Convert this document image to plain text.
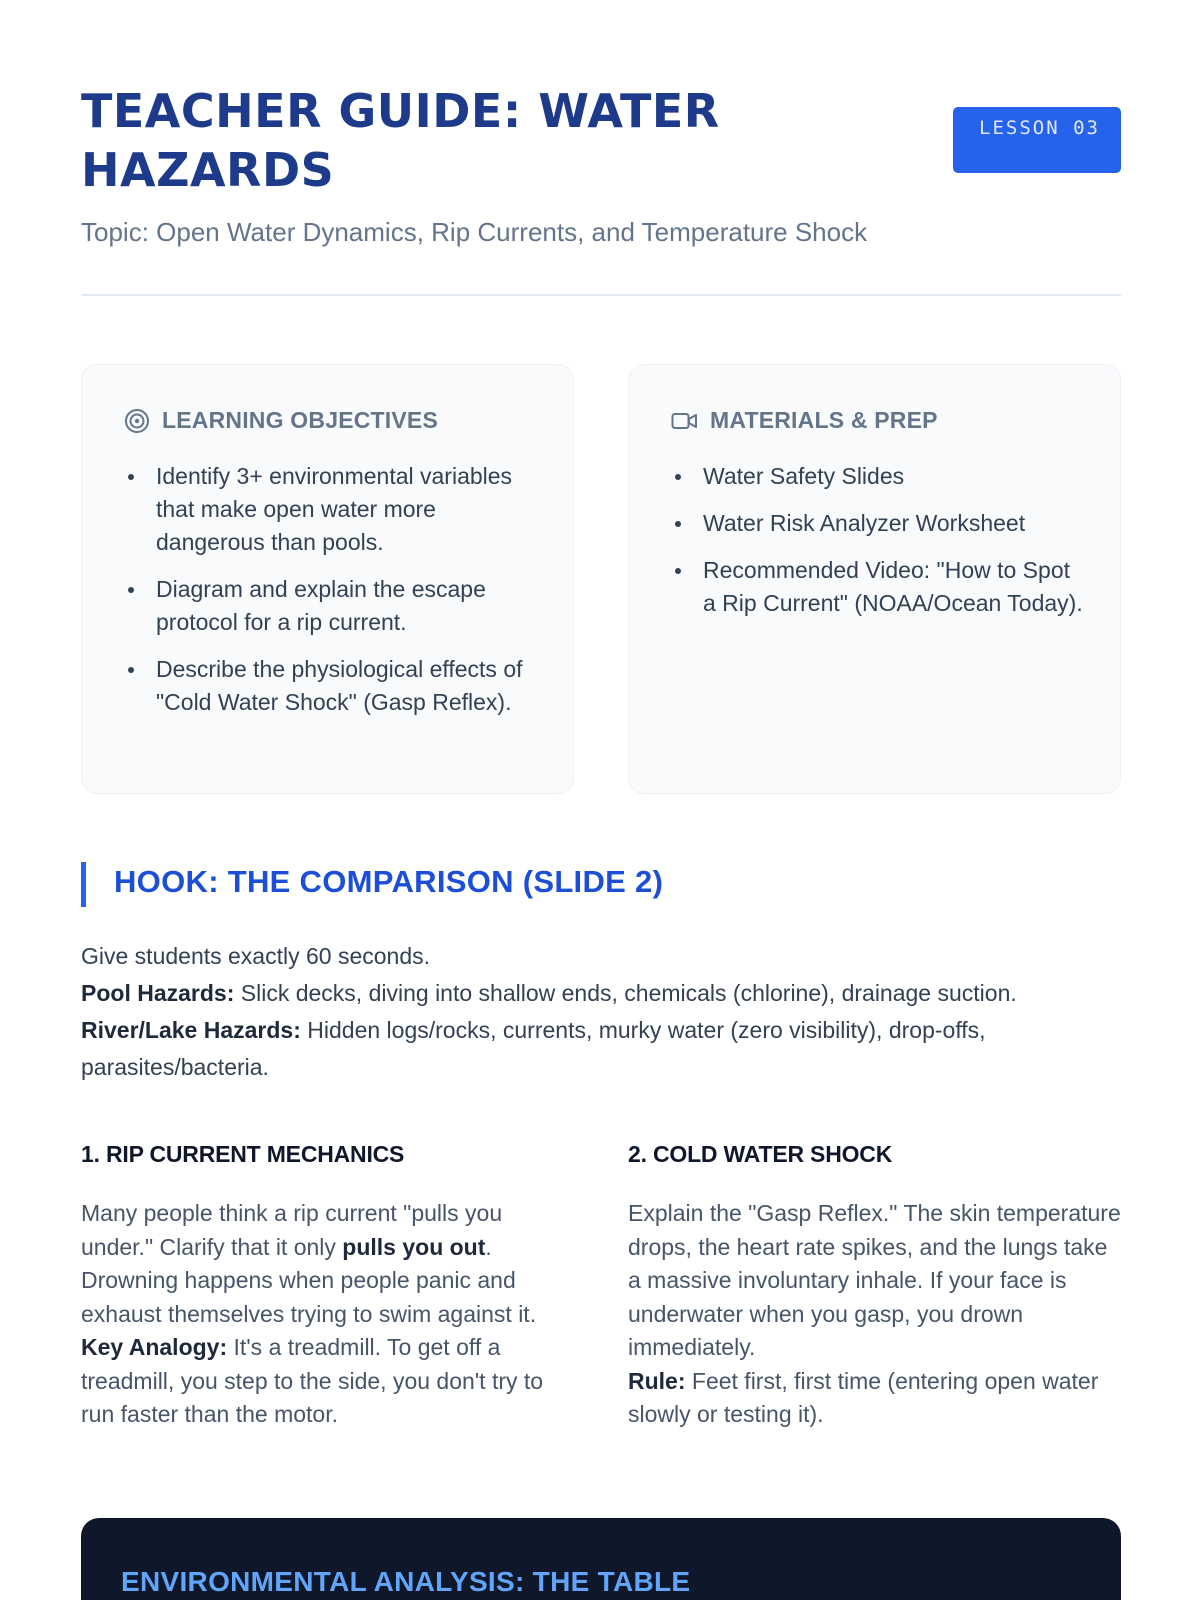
TEACHER GUIDE: WATER HAZARDS
LESSON 03
Topic: Open Water Dynamics, Rip Currents, and Temperature Shock
LEARNING OBJECTIVES
Identify 3+ environmental variables that make open water more dangerous than pools.
Diagram and explain the escape protocol for a rip current.
Describe the physiological effects of "Cold Water Shock" (Gasp Reflex).
MATERIALS & PREP
Water Safety Slides
Water Risk Analyzer Worksheet
Recommended Video: "How to Spot a Rip Current" (NOAA/Ocean Today).
HOOK: THE COMPARISON (SLIDE 2)
Give students exactly 60 seconds.
Pool Hazards: Slick decks, diving into shallow ends, chemicals (chlorine), drainage suction.
River/Lake Hazards: Hidden logs/rocks, currents, murky water (zero visibility), drop-offs, parasites/bacteria.
1. RIP CURRENT MECHANICS

Many people think a rip current "pulls you under." Clarify that it only pulls you out. Drowning happens when people panic and exhaust themselves trying to swim against it.

Key Analogy: It's a treadmill. To get off a treadmill, you step to the side, you don't try to run faster than the motor.

2. COLD WATER SHOCK

Explain the "Gasp Reflex." The skin temperature drops, the heart rate spikes, and the lungs take a massive involuntary inhale. If your face is underwater when you gasp, you drown immediately.

Rule: Feet first, first time (entering open water slowly or testing it).

ENVIRONMENTAL ANALYSIS: THE TABLE
